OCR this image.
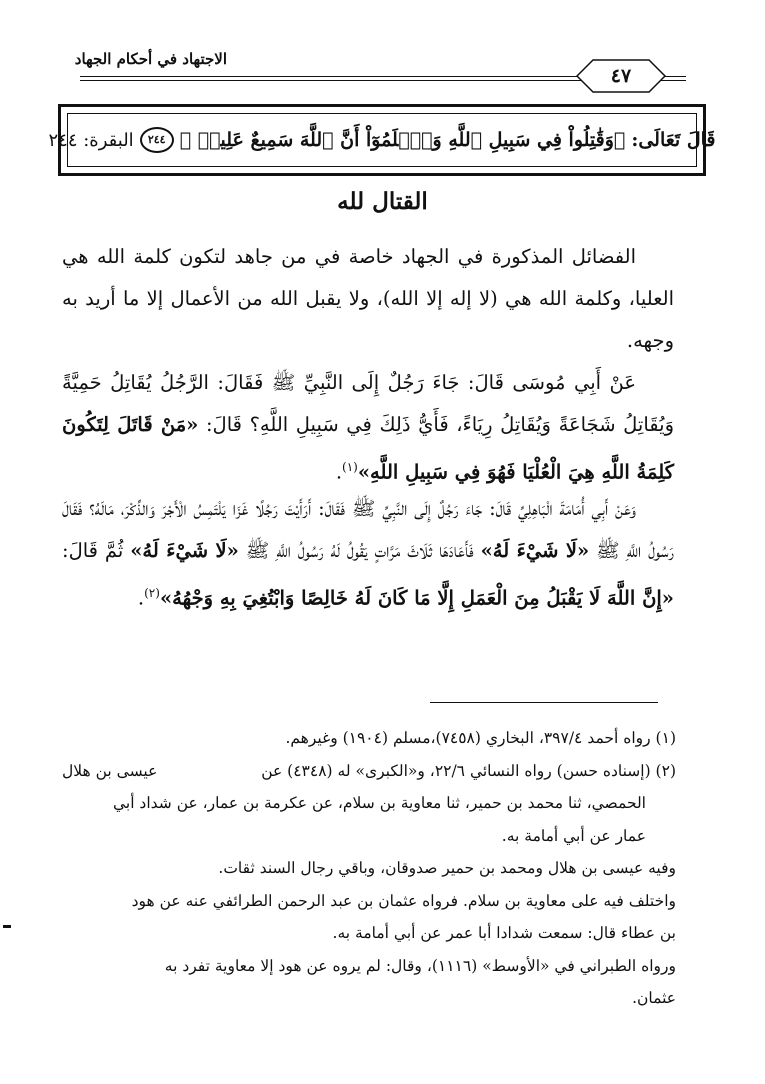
الاجتهاد في أحكام الجهاد
٤٧
قَالَ تَعَالَى:
﴿وَقَٰتِلُواْ فِي سَبِيلِ ٱللَّهِ وَٱعۡلَمُوٓاْ أَنَّ ٱللَّهَ سَمِيعٌ عَلِيمٞ ﴾
٢٤٤
البقرة: ٢٤٤
القتال لله

الفضائل المذكورة في الجهاد خاصة في من جاهد لتكون كلمة الله هي العليا، وكلمة الله هي (لا إله إلا الله)، ولا يقبل الله من الأعمال إلا ما أريد به وجهه.

عَنْ أَبِي مُوسَى قَالَ: جَاءَ رَجُلٌ إِلَى النَّبِيِّ ﷺ فَقَالَ: الرَّجُلُ يُقَاتِلُ حَمِيَّةً وَيُقَاتِلُ شَجَاعَةً وَيُقَاتِلُ رِيَاءً، فَأَيُّ ذَلِكَ فِي سَبِيلِ اللَّهِ؟ قَالَ: «مَنْ قَاتَلَ لِتَكُونَ كَلِمَةُ اللَّهِ هِيَ الْعُلْيَا فَهُوَ فِي سَبِيلِ اللَّهِ»$^{(١)}$.

وَعَنْ أَبِي أُمَامَةَ الْبَاهِلِيِّ قَالَ: جَاءَ رَجُلٌ إِلَى النَّبِيِّ ﷺ فَقَالَ: أَرَأَيْتَ رَجُلًا غَزَا يَلْتَمِسُ الْأَجْرَ وَالذِّكْرَ، مَالَهُ؟ فَقَالَ رَسُولُ اللَّهِ ﷺ «لَا شَيْءَ لَهُ» فَأَعَادَهَا ثَلَاثَ مَرَّاتٍ يَقُولُ لَهُ رَسُولُ اللَّهِ ﷺ «لَا شَيْءَ لَهُ» ثُمَّ قَالَ: «إِنَّ اللَّهَ لَا يَقْبَلُ مِنَ الْعَمَلِ إِلَّا مَا كَانَ لَهُ خَالِصًا وَابْتُغِيَ بِهِ وَجْهُهُ»$^{(٢)}$.

(١) رواه أحمد ٣٩٧/٤، البخاري (٧٤٥٨)،مسلم (١٩٠٤) وغيرهم.
(٢) (إسناده حسن) رواه النسائي ٢٢/٦، و«الكبرى» له (٤٣٤٨) عن
عيسى بن هلال
الحمصي، ثنا محمد بن حمير، ثنا معاوية بن سلام، عن عكرمة بن عمار، عن شداد أبي
عمار عن أبي أمامة به.
وفيه عيسى بن هلال ومحمد بن حمير صدوقان، وباقي رجال السند ثقات.
واختلف فيه على معاوية بن سلام. فرواه عثمان بن عبد الرحمن الطرائفي عنه عن هود
بن عطاء قال: سمعت شدادا أبا عمر عن أبي أمامة به.
ورواه الطبراني في «الأوسط» (١١١٦)، وقال: لم يروه عن هود إلا معاوية تفرد به
عثمان.
